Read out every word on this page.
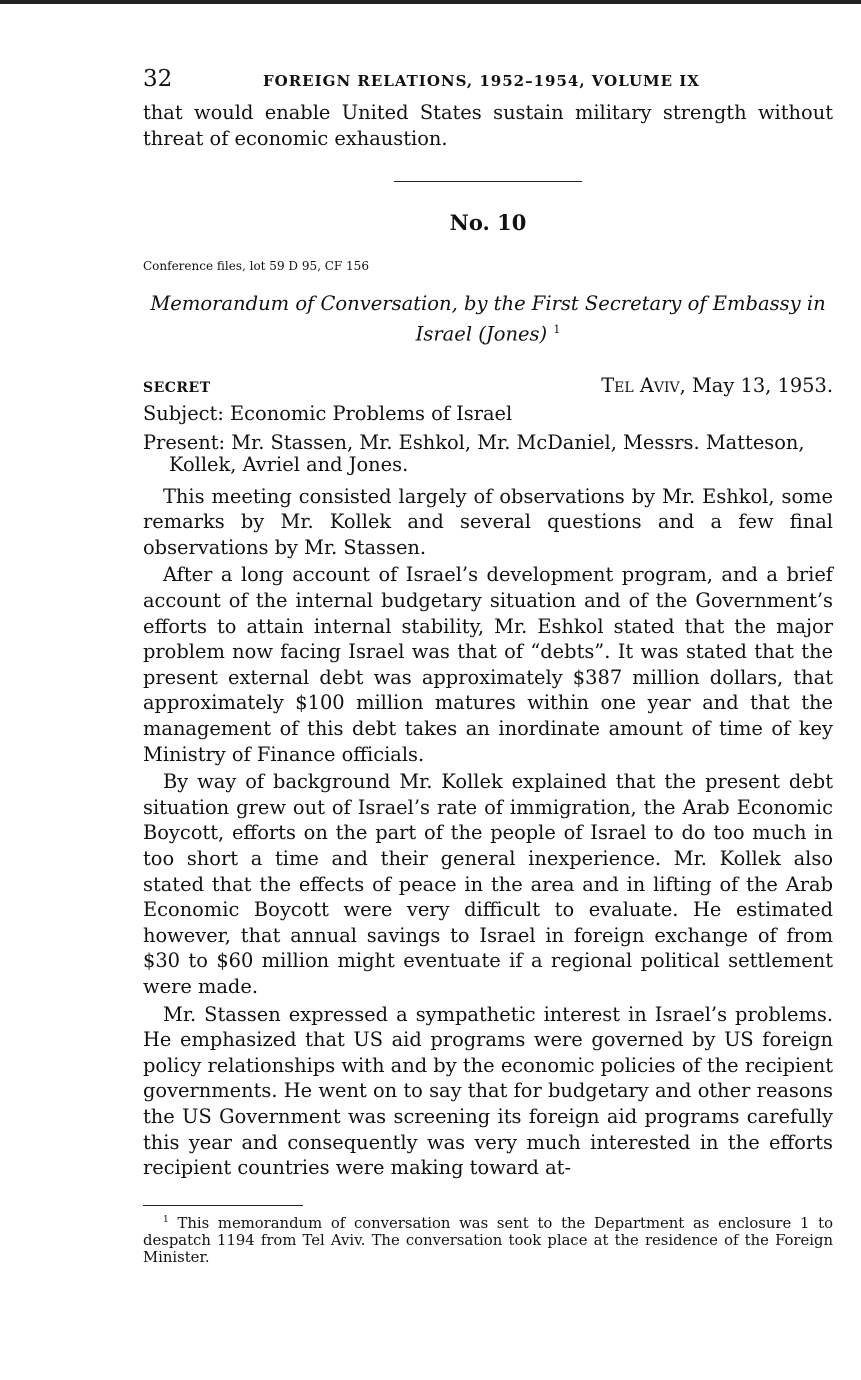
32	FOREIGN RELATIONS, 1952–1954, VOLUME IX

that would enable United States sustain military strength without threat of economic exhaustion.

No. 10
Conference files, lot 59 D 95, CF 156
Memorandum of Conversation, by the First Secretary of Embassy in Israel (Jones) $^1$
SECRET	Tel Aviv, May 13, 1953.
Subject: Economic Problems of Israel
Present: Mr. Stassen, Mr. Eshkol, Mr. McDaniel, Messrs. Matteson, Kollek, Avriel and Jones.

This meeting consisted largely of observations by Mr. Eshkol, some remarks by Mr. Kollek and several questions and a few final observations by Mr. Stassen.

After a long account of Israel’s development program, and a brief account of the internal budgetary situation and of the Government’s efforts to attain internal stability, Mr. Eshkol stated that the major problem now facing Israel was that of “debts”. It was stated that the present external debt was approximately $387 million dollars, that approximately $100 million matures within one year and that the management of this debt takes an inordinate amount of time of key Ministry of Finance officials.

By way of background Mr. Kollek explained that the present debt situation grew out of Israel’s rate of immigration, the Arab Economic Boycott, efforts on the part of the people of Israel to do too much in too short a time and their general inexperience. Mr. Kollek also stated that the effects of peace in the area and in lifting of the Arab Economic Boycott were very difficult to evaluate. He estimated however, that annual savings to Israel in foreign exchange of from $30 to $60 million might eventuate if a regional political settlement were made.

Mr. Stassen expressed a sympathetic interest in Israel’s problems. He emphasized that US aid programs were governed by US foreign policy relationships with and by the economic policies of the recipient governments. He went on to say that for budgetary and other reasons the US Government was screening its foreign aid programs carefully this year and consequently was very much interested in the efforts recipient countries were making toward at-

$^1$ This memorandum of conversation was sent to the Department as enclosure 1 to despatch 1194 from Tel Aviv. The conversation took place at the residence of the Foreign Minister.
